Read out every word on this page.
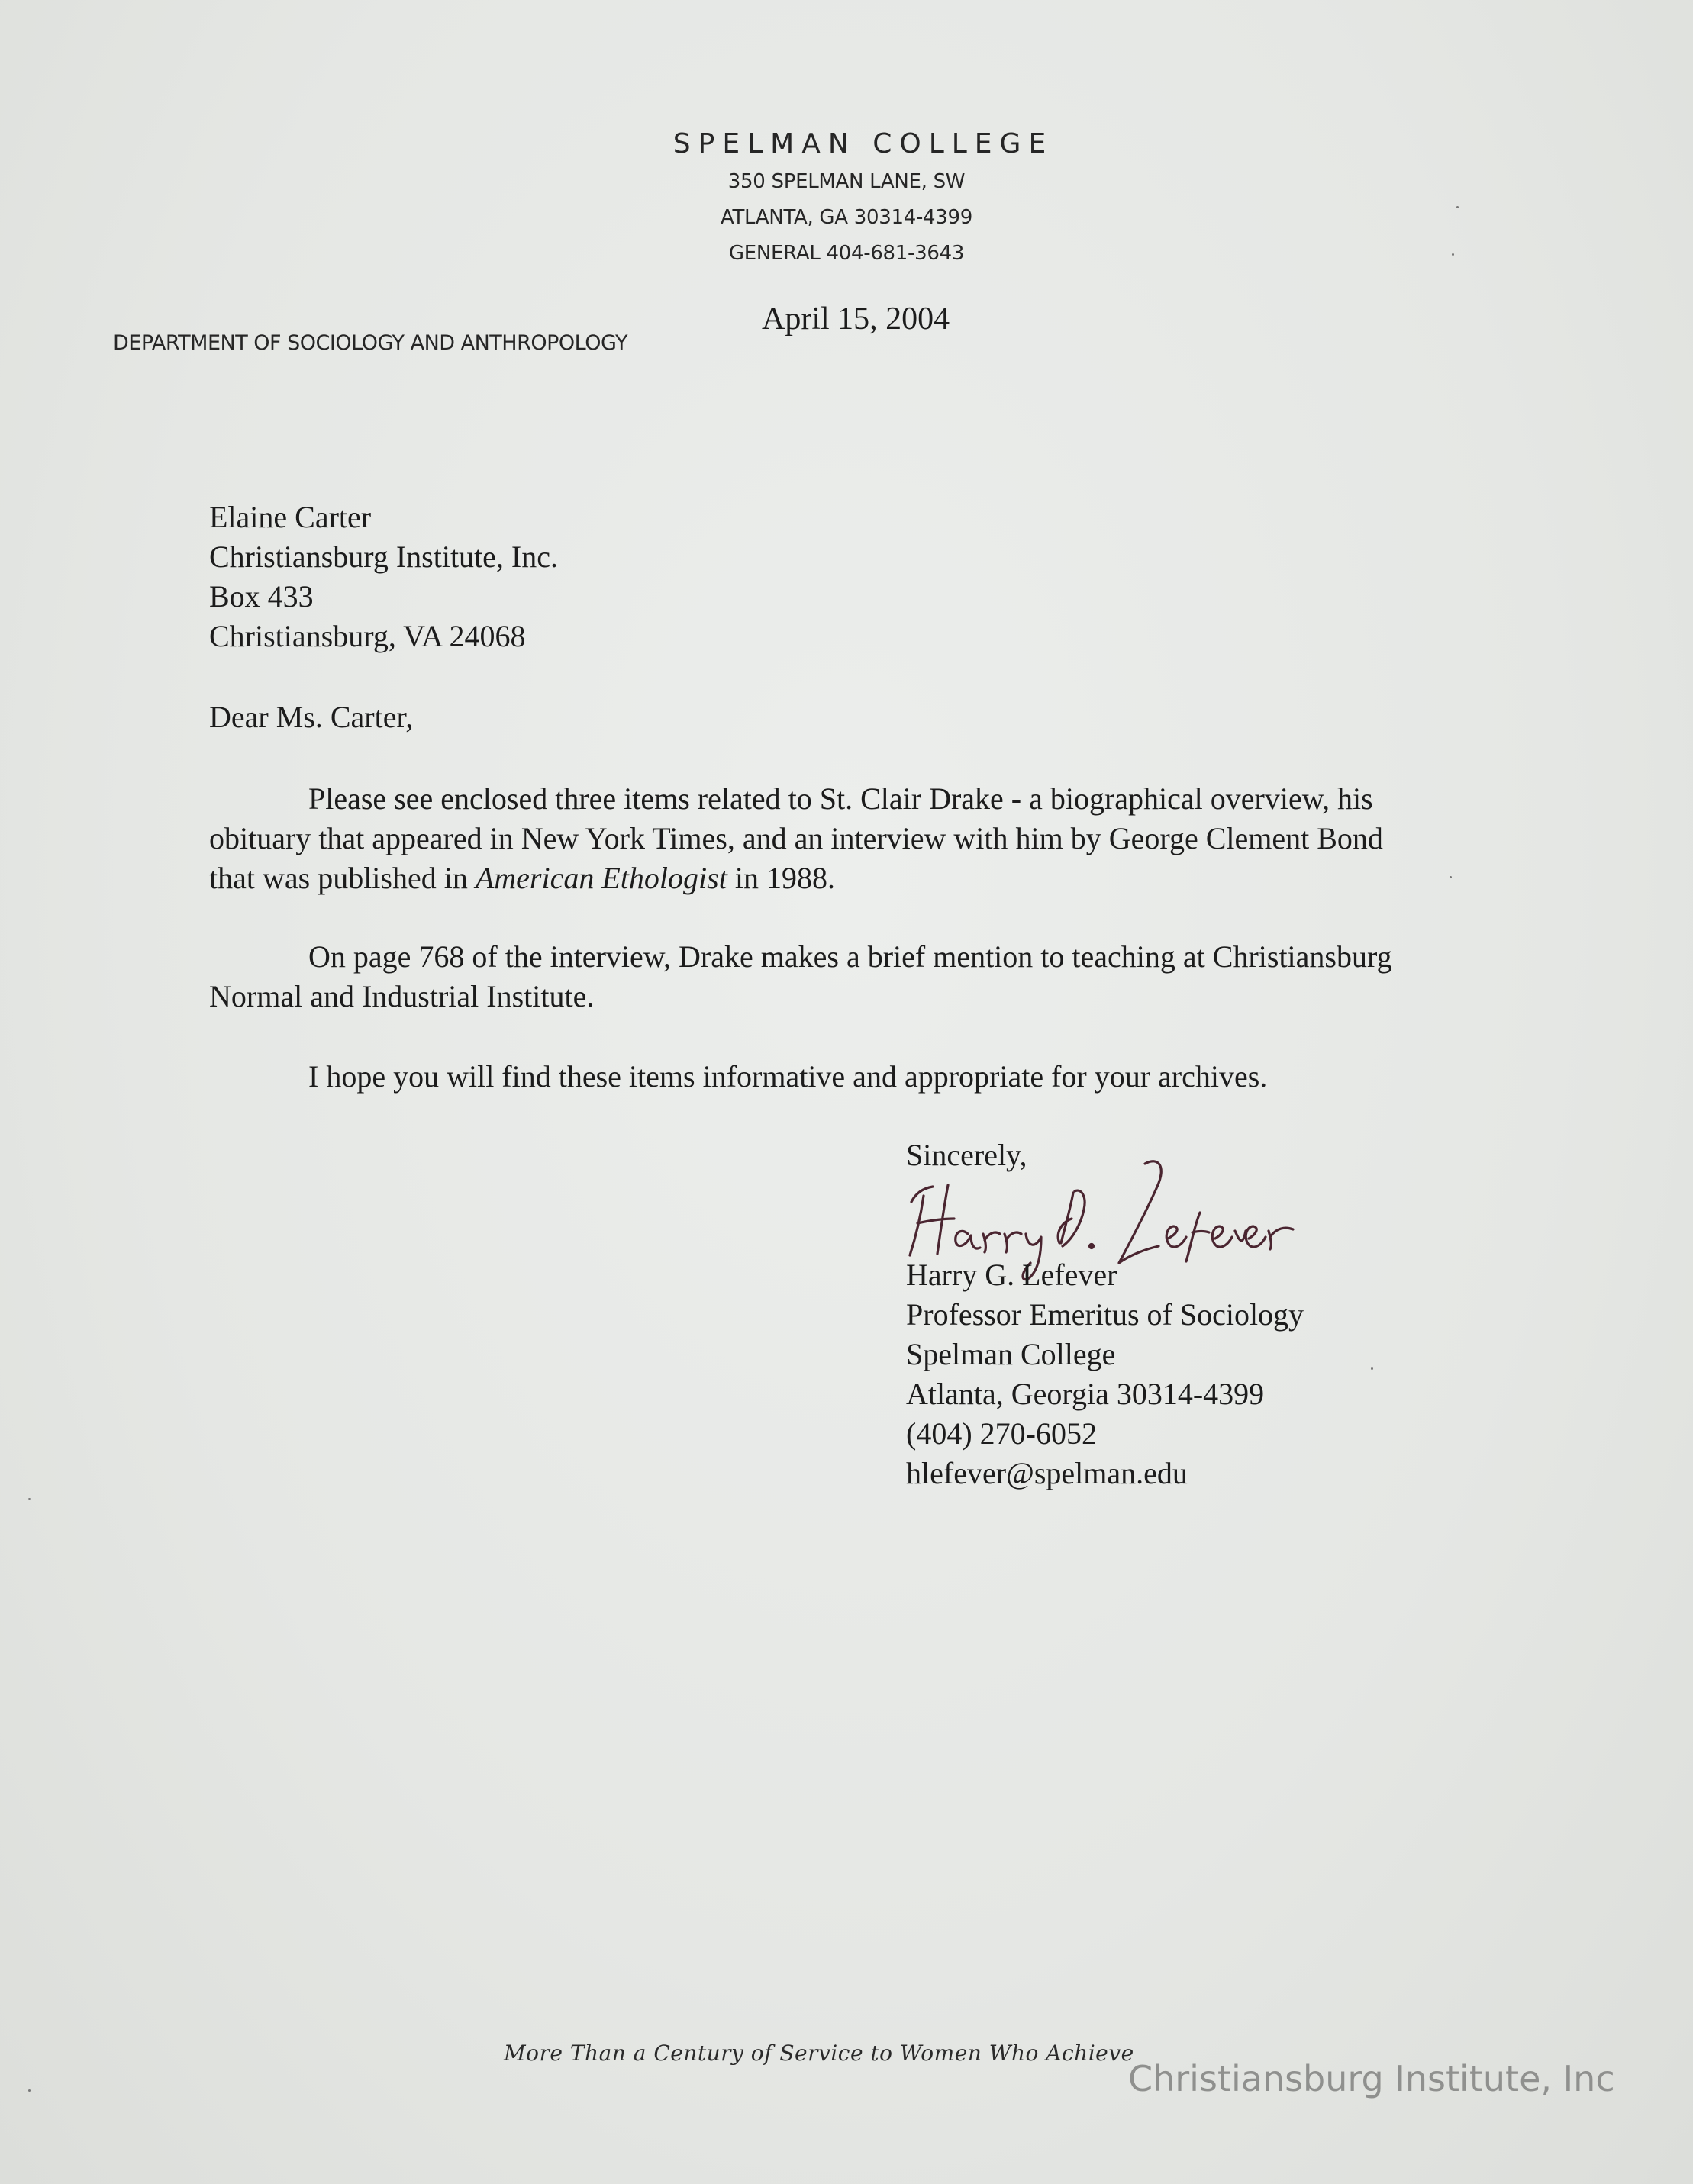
SPELMAN COLLEGE
350 SPELMAN LANE, SW
ATLANTA, GA 30314-4399
GENERAL 404-681-3643
DEPARTMENT OF SOCIOLOGY AND ANTHROPOLOGY
April 15, 2004
Elaine Carter
Christiansburg Institute, Inc.
Box 433
Christiansburg, VA 24068
Dear Ms. Carter,
Please see enclosed three items related to St. Clair Drake - a biographical overview, his
obituary that appeared in New York Times, and an interview with him by George Clement Bond
that was published in American Ethologist in 1988.
On page 768 of the interview, Drake makes a brief mention to teaching at Christiansburg
Normal and Industrial Institute.
I hope you will find these items informative and appropriate for your archives.
Sincerely,
Harry G. Lefever
Professor Emeritus of Sociology
Spelman College
Atlanta, Georgia 30314-4399
(404) 270-6052
hlefever@spelman.edu
More Than a Century of Service to Women Who Achieve
Christiansburg Institute, Inc
